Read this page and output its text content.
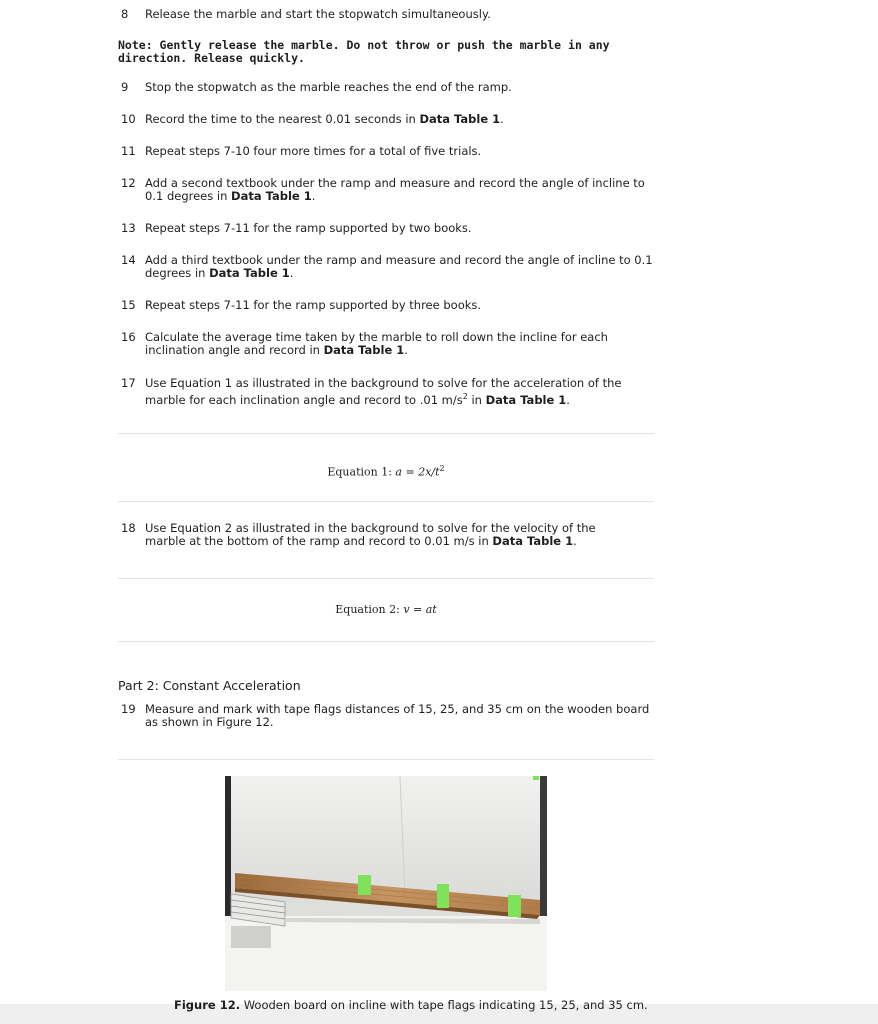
8	Release the marble and start the stopwatch simultaneously.
Note: Gently release the marble. Do not throw or push the marble in any direction. Release quickly.
9	Stop the stopwatch as the marble reaches the end of the ramp.
10 Record the time to the nearest 0.01 seconds in Data Table 1.
11 Repeat steps 7-10 four more times for a total of five trials.
12 Add a second textbook under the ramp and measure and record the angle of incline to 0.1 degrees in Data Table 1.
13 Repeat steps 7-11 for the ramp supported by two books.
14 Add a third textbook under the ramp and measure and record the angle of incline to 0.1 degrees in Data Table 1.
15 Repeat steps 7-11 for the ramp supported by three books.
16 Calculate the average time taken by the marble to roll down the incline for each inclination angle and record in Data Table 1.
17 Use Equation 1 as illustrated in the background to solve for the acceleration of the marble for each inclination angle and record to .01 $m/s^2$ in Data Table 1.
Equation 1: $a = 2x/t^2$
18 Use Equation 2 as illustrated in the background to solve for the velocity of the marble at the bottom of the ramp and record to 0.01 m/s in Data Table 1.
Equation 2: v = at
Part 2: Constant Acceleration
19 Measure and mark with tape flags distances of 15, 25, and 35 cm on the wooden board as shown in Figure 12.
Figure 12. Wooden board on incline with tape flags indicating 15, 25, and 35 cm.
